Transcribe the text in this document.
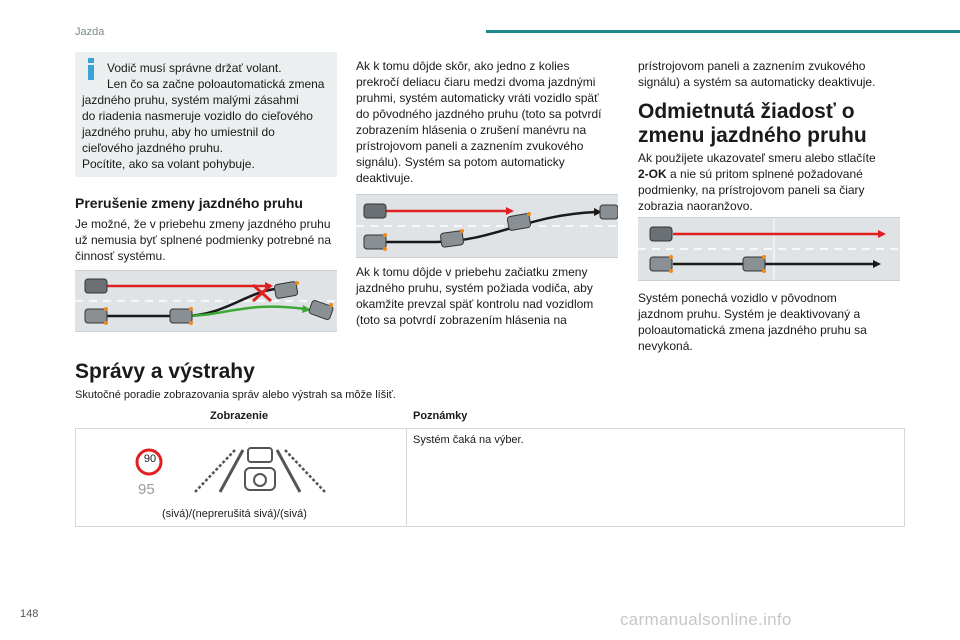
Jazda
Vodič musí správne držať volant.
Len čo sa začne poloautomatická zmena
jazdného pruhu, systém malými zásahmi
do riadenia nasmeruje vozidlo do cieľového
jazdného pruhu, aby ho umiestnil do
cieľového jazdného pruhu.
Pocítite, ako sa volant pohybuje.
Prerušenie zmeny jazdného pruhu
Je možné, že v priebehu zmeny jazdného pruhu
už nemusia byť splnené podmienky potrebné na
činnosť systému.
Ak k tomu dôjde skôr, ako jedno z kolies
prekročí deliacu čiaru medzi dvoma jazdnými
pruhmi, systém automaticky vráti vozidlo späť
do pôvodného jazdného pruhu (toto sa potvrdí
zobrazením hlásenia o zrušení manévru na
prístrojovom paneli a zaznením zvukového
signálu). Systém sa potom automaticky
deaktivuje.
Ak k tomu dôjde v priebehu začiatku zmeny
jazdného pruhu, systém požiada vodiča, aby
okamžite prevzal späť kontrolu nad vozidlom
(toto sa potvrdí zobrazením hlásenia na
prístrojovom paneli a zaznením zvukového
signálu) a systém sa automaticky deaktivuje.
Odmietnutá žiadosť o
zmenu jazdného pruhu
Ak použijete ukazovateľ smeru alebo stlačíte
2-OK a nie sú pritom splnené požadované
podmienky, na prístrojovom paneli sa čiary
zobrazia naoranžovo.
Systém ponechá vozidlo v pôvodnom
jazdnom pruhu. Systém je deaktivovaný a
poloautomatická zmena jazdného pruhu sa
nevykoná.
Správy a výstrahy
Skutočné poradie zobrazovania správ alebo výstrah sa môže líšiť.
Zobrazenie	Poznámky
90
95
(sivá)/(neprerušitá sivá)/(sivá)
Systém čaká na výber.
148	carmanualsonline.info
